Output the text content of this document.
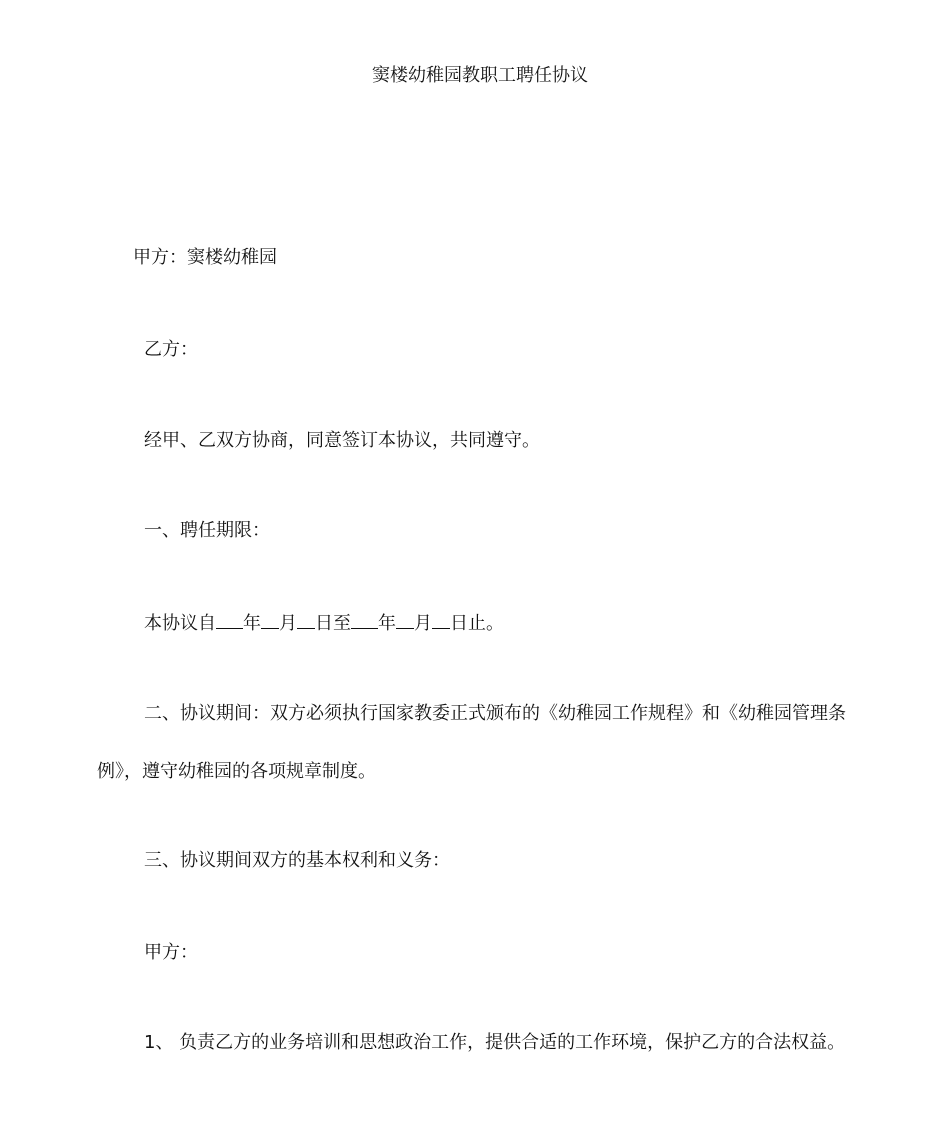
窦楼幼稚园教职工聘任协议

甲方：窦楼幼稚园

乙方：

经甲、乙双方协商，同意签订本协议，共同遵守。

一、聘任期限：

本协议自 年 月 日至 年 月 日止。

二、协议期间：双方必须执行国家教委正式颁布的《幼稚园工作规程》和《幼稚园管理条

例》，遵守幼稚园的各项规章制度。

三、协议期间双方的基本权利和义务：

甲方：

1、 负责乙方的业务培训和思想政治工作，提供合适的工作环境，保护乙方的合法权益。
